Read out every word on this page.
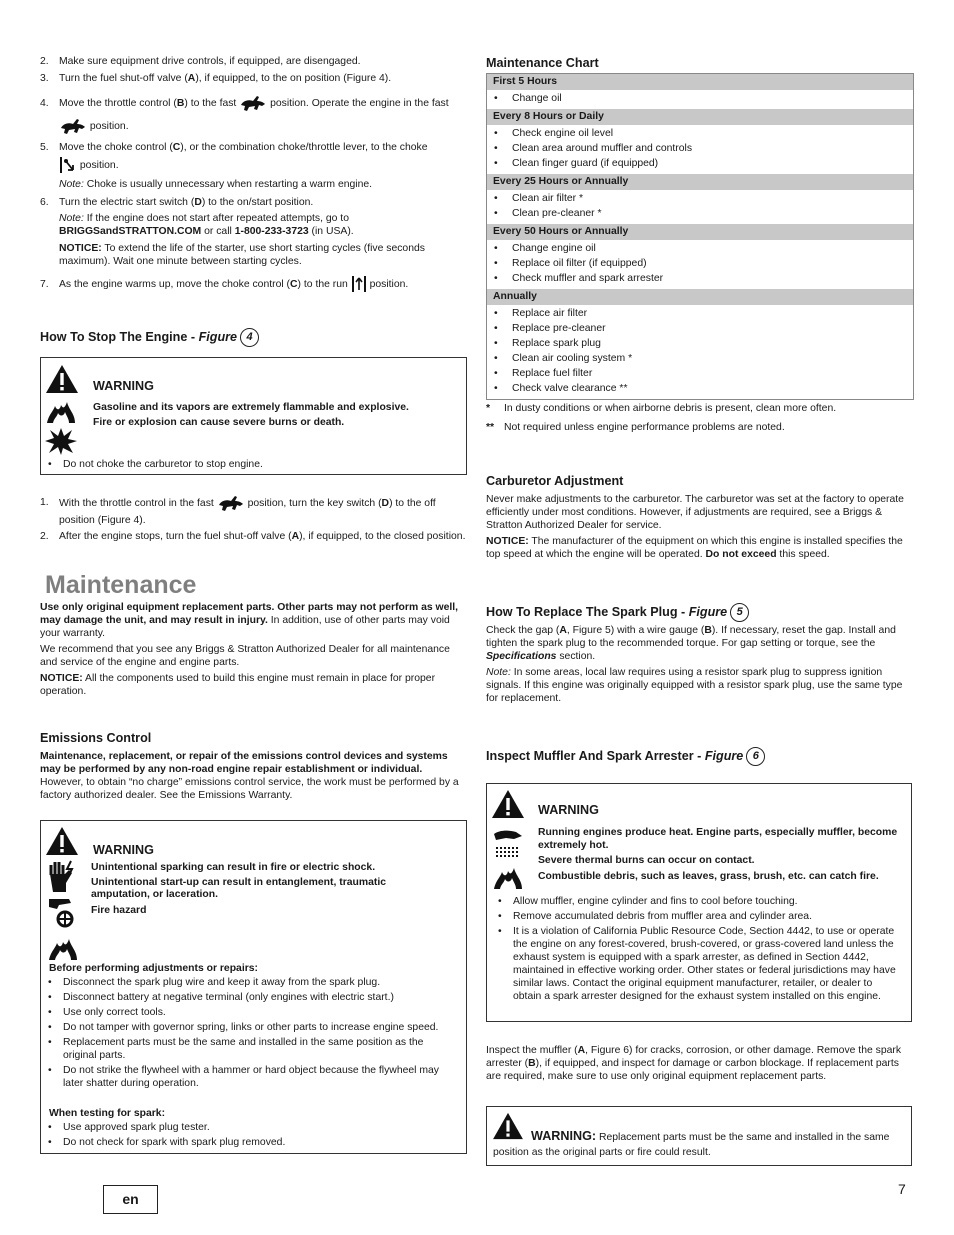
2. Make sure equipment drive controls, if equipped, are disengaged.
3. Turn the fuel shut-off valve (A), if equipped, to the on position (Figure 4).
4. Move the throttle control (B) to the fast	position. Operate the engine in the fast
position.
5. Move the choke control (C), or the combination choke/throttle lever, to the choke
position.
Note: Choke is usually unnecessary when restarting a warm engine.
6. Turn the electric start switch (D) to the on/start position.
Note: If the engine does not start after repeated attempts, go to BRIGGSandSTRATTON.COM or call 1-800-233-3723 (in USA).
NOTICE: To extend the life of the starter, use short starting cycles (five seconds maximum). Wait one minute between starting cycles.
7. As the engine warms up, move the choke control (C) to the run position.
How To Stop The Engine - Figure 4
WARNING
Gasoline and its vapors are extremely flammable and explosive.
Fire or explosion can cause severe burns or death.
• Do not choke the carburetor to stop engine.
1. With the throttle control in the fast	position, turn the key switch (D) to the off position (Figure 4).
2. After the engine stops, turn the fuel shut-off valve (A), if equipped, to the closed position.
Maintenance

Use only original equipment replacement parts. Other parts may not perform as well, may damage the unit, and may result in injury. In addition, use of other parts may void your warranty.

We recommend that you see any Briggs & Stratton Authorized Dealer for all maintenance and service of the engine and engine parts.

NOTICE: All the components used to build this engine must remain in place for proper operation.

Emissions Control

Maintenance, replacement, or repair of the emissions control devices and systems may be performed by any non-road engine repair establishment or individual. However, to obtain “no charge” emissions control service, the work must be performed by a factory authorized dealer. See the Emissions Warranty.

WARNING
Unintentional sparking can result in fire or electric shock.
Unintentional start-up can result in entanglement, traumatic amputation, or laceration.
Fire hazard
Before performing adjustments or repairs:
• Disconnect the spark plug wire and keep it away from the spark plug.
• Disconnect battery at negative terminal (only engines with electric start.)
• Use only correct tools.
• Do not tamper with governor spring, links or other parts to increase engine speed.
• Replacement parts must be the same and installed in the same position as the original parts.
• Do not strike the flywheel with a hammer or hard object because the flywheel may later shatter during operation.
When testing for spark:
• Use approved spark plug tester.
• Do not check for spark with spark plug removed.
Maintenance Chart
First 5 Hours
• Change oil
Every 8 Hours or Daily
• Check engine oil level
• Clean area around muffler and controls
• Clean finger guard (if equipped)
Every 25 Hours or Annually
• Clean air filter *
• Clean pre-cleaner *
Every 50 Hours or Annually
• Change engine oil
• Replace oil filter (if equipped)
• Check muffler and spark arrester
Annually
• Replace air filter
• Replace pre-cleaner
• Replace spark plug
• Clean air cooling system *
• Replace fuel filter
• Check valve clearance **
* In dusty conditions or when airborne debris is present, clean more often.
** Not required unless engine performance problems are noted.
Carburetor Adjustment

Never make adjustments to the carburetor. The carburetor was set at the factory to operate efficiently under most conditions. However, if adjustments are required, see a Briggs & Stratton Authorized Dealer for service.

NOTICE: The manufacturer of the equipment on which this engine is installed specifies the top speed at which the engine will be operated. Do not exceed this speed.

How To Replace The Spark Plug - Figure 5

Check the gap (A, Figure 5) with a wire gauge (B). If necessary, reset the gap. Install and tighten the spark plug to the recommended torque. For gap setting or torque, see the Specifications section.

Note: In some areas, local law requires using a resistor spark plug to suppress ignition signals. If this engine was originally equipped with a resistor spark plug, use the same type for replacement.

Inspect Muffler And Spark Arrester - Figure 6
WARNING
Running engines produce heat. Engine parts, especially muffler, become extremely hot.
Severe thermal burns can occur on contact.
Combustible debris, such as leaves, grass, brush, etc. can catch fire.
• Allow muffler, engine cylinder and fins to cool before touching.
• Remove accumulated debris from muffler area and cylinder area.
• It is a violation of California Public Resource Code, Section 4442, to use or operate the engine on any forest-covered, brush-covered, or grass-covered land unless the exhaust system is equipped with a spark arrester, as defined in Section 4442, maintained in effective working order. Other states or federal jurisdictions may have similar laws. Contact the original equipment manufacturer, retailer, or dealer to obtain a spark arrester designed for the exhaust system installed on this engine.

Inspect the muffler (A, Figure 6) for cracks, corrosion, or other damage. Remove the spark arrester (B), if equipped, and inspect for damage or carbon blockage. If replacement parts are required, make sure to use only original equipment replacement parts.

WARNING: Replacement parts must be the same and installed in the same position as the original parts or fire could result.
en
7
